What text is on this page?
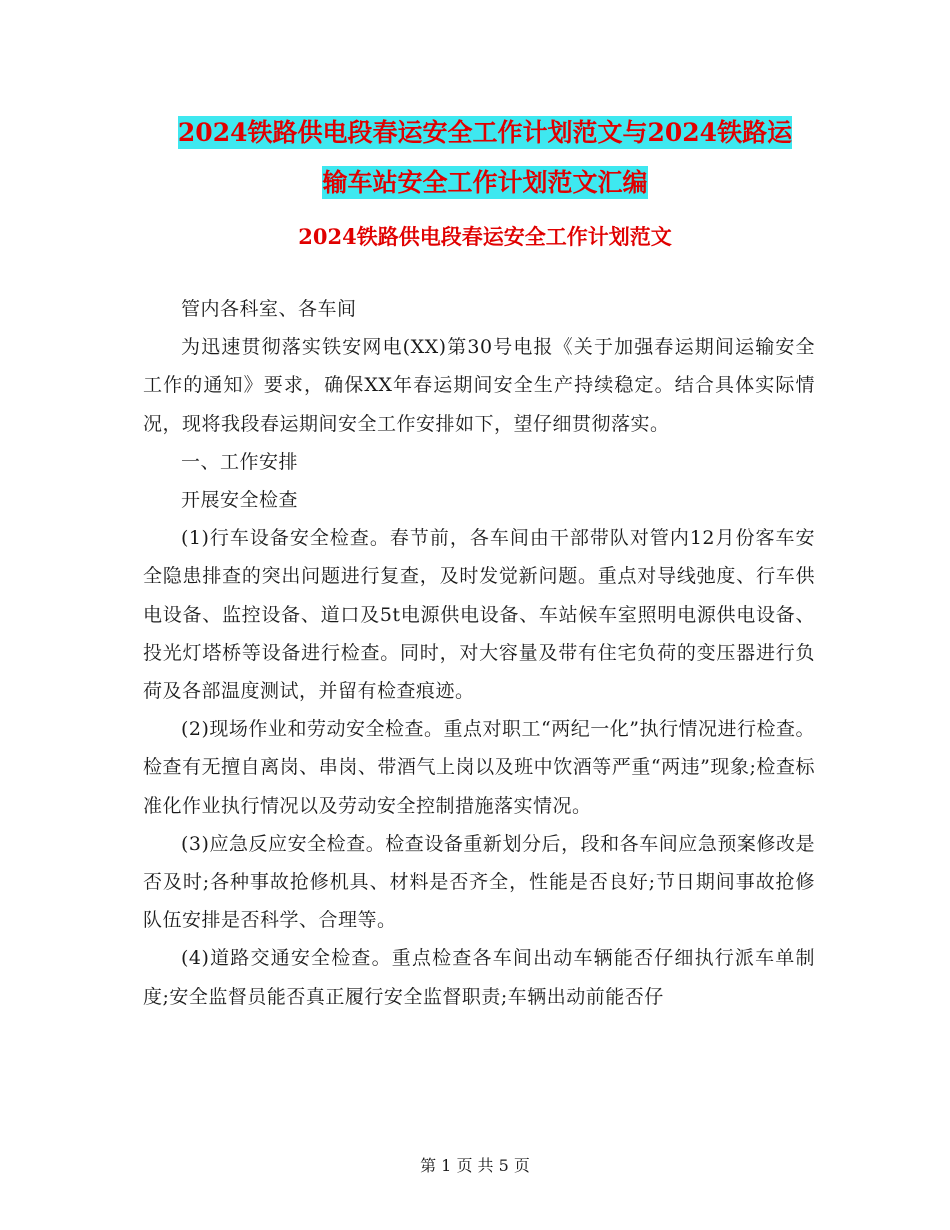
2024铁路供电段春运安全工作计划范文与2024铁路运
输车站安全工作计划范文汇编
2024铁路供电段春运安全工作计划范文

管内各科室、各车间

为迅速贯彻落实铁安网电(XX)第30号电报《关于加强春运期间运输安全工作的通知》要求，确保XX年春运期间安全生产持续稳定。结合具体实际情况，现将我段春运期间安全工作安排如下，望仔细贯彻落实。

一、工作安排

开展安全检查

(1)行车设备安全检查。春节前，各车间由干部带队对管内12月份客车安全隐患排查的突出问题进行复查，及时发觉新问题。重点对导线弛度、行车供电设备、监控设备、道口及5t电源供电设备、车站候车室照明电源供电设备、投光灯塔桥等设备进行检查。同时，对大容量及带有住宅负荷的变压器进行负荷及各部温度测试，并留有检查痕迹。

(2)现场作业和劳动安全检查。重点对职工“两纪一化”执行情况进行检查。检查有无擅自离岗、串岗、带酒气上岗以及班中饮酒等严重“两违”现象;检查标准化作业执行情况以及劳动安全控制措施落实情况。

(3)应急反应安全检查。检查设备重新划分后，段和各车间应急预案修改是否及时;各种事故抢修机具、材料是否齐全，性能是否良好;节日期间事故抢修队伍安排是否科学、合理等。

(4)道路交通安全检查。重点检查各车间出动车辆能否仔细执行派车单制度;安全监督员能否真正履行安全监督职责;车辆出动前能否仔

第 1 页 共 5 页
